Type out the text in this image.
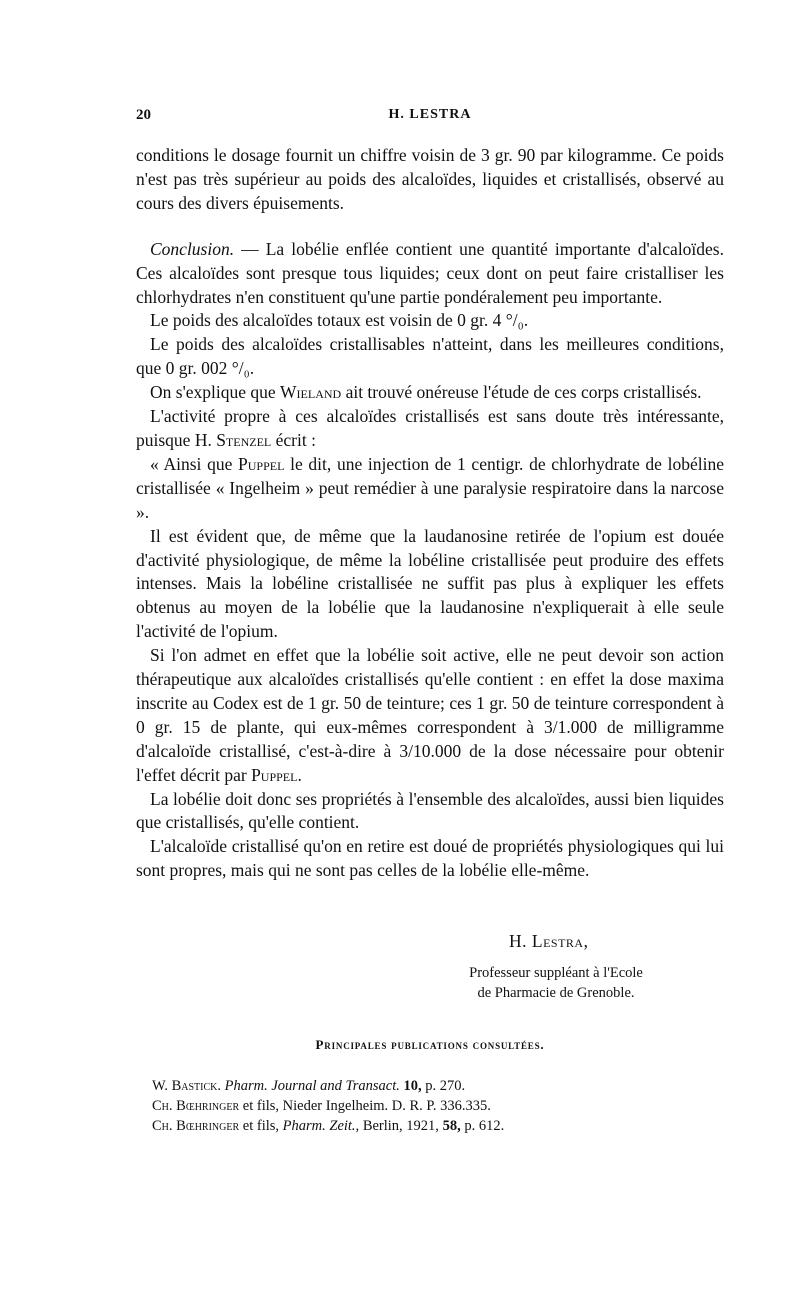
20	H. LESTRA

conditions le dosage fournit un chiffre voisin de 3 gr. 90 par kilogramme. Ce poids n'est pas très supérieur au poids des alcaloïdes, liquides et cristallisés, observé au cours des divers épuisements.

Conclusion. — La lobélie enflée contient une quantité importante d'alcaloïdes. Ces alcaloïdes sont presque tous liquides; ceux dont on peut faire cristalliser les chlorhydrates n'en constituent qu'une partie pondéralement peu importante.

Le poids des alcaloïdes totaux est voisin de 0 gr. 4 °/₀.

Le poids des alcaloïdes cristallisables n'atteint, dans les meilleures conditions, que 0 gr. 002 °/₀.

On s'explique que Wieland ait trouvé onéreuse l'étude de ces corps cristallisés.

L'activité propre à ces alcaloïdes cristallisés est sans doute très intéressante, puisque H. Stenzel écrit :

« Ainsi que Puppel le dit, une injection de 1 centigr. de chlorhydrate de lobéline cristallisée « Ingelheim » peut remédier à une paralysie respiratoire dans la narcose ».

Il est évident que, de même que la laudanosine retirée de l'opium est douée d'activité physiologique, de même la lobéline cristallisée peut produire des effets intenses. Mais la lobéline cristallisée ne suffit pas plus à expliquer les effets obtenus au moyen de la lobélie que la laudanosine n'expliquerait à elle seule l'activité de l'opium.

Si l'on admet en effet que la lobélie soit active, elle ne peut devoir son action thérapeutique aux alcaloïdes cristallisés qu'elle contient : en effet la dose maxima inscrite au Codex est de 1 gr. 50 de teinture; ces 1 gr. 50 de teinture correspondent à 0 gr. 15 de plante, qui eux-mêmes correspondent à 3/1.000 de milligramme d'alcaloïde cristallisé, c'est-à-dire à 3/10.000 de la dose nécessaire pour obtenir l'effet décrit par Puppel.

La lobélie doit donc ses propriétés à l'ensemble des alcaloïdes, aussi bien liquides que cristallisés, qu'elle contient.

L'alcaloïde cristallisé qu'on en retire est doué de propriétés physiologiques qui lui sont propres, mais qui ne sont pas celles de la lobélie elle-même.

H. Lestra,
Professeur suppléant à l'Ecole
de Pharmacie de Grenoble.
Principales publications consultées.

W. Bastick. Pharm. Journal and Transact. 10, p. 270.

Ch. Bœhringer et fils, Nieder Ingelheim. D. R. P. 336.335.

Ch. Bœhringer et fils, Pharm. Zeit., Berlin, 1921, 58, p. 612.
